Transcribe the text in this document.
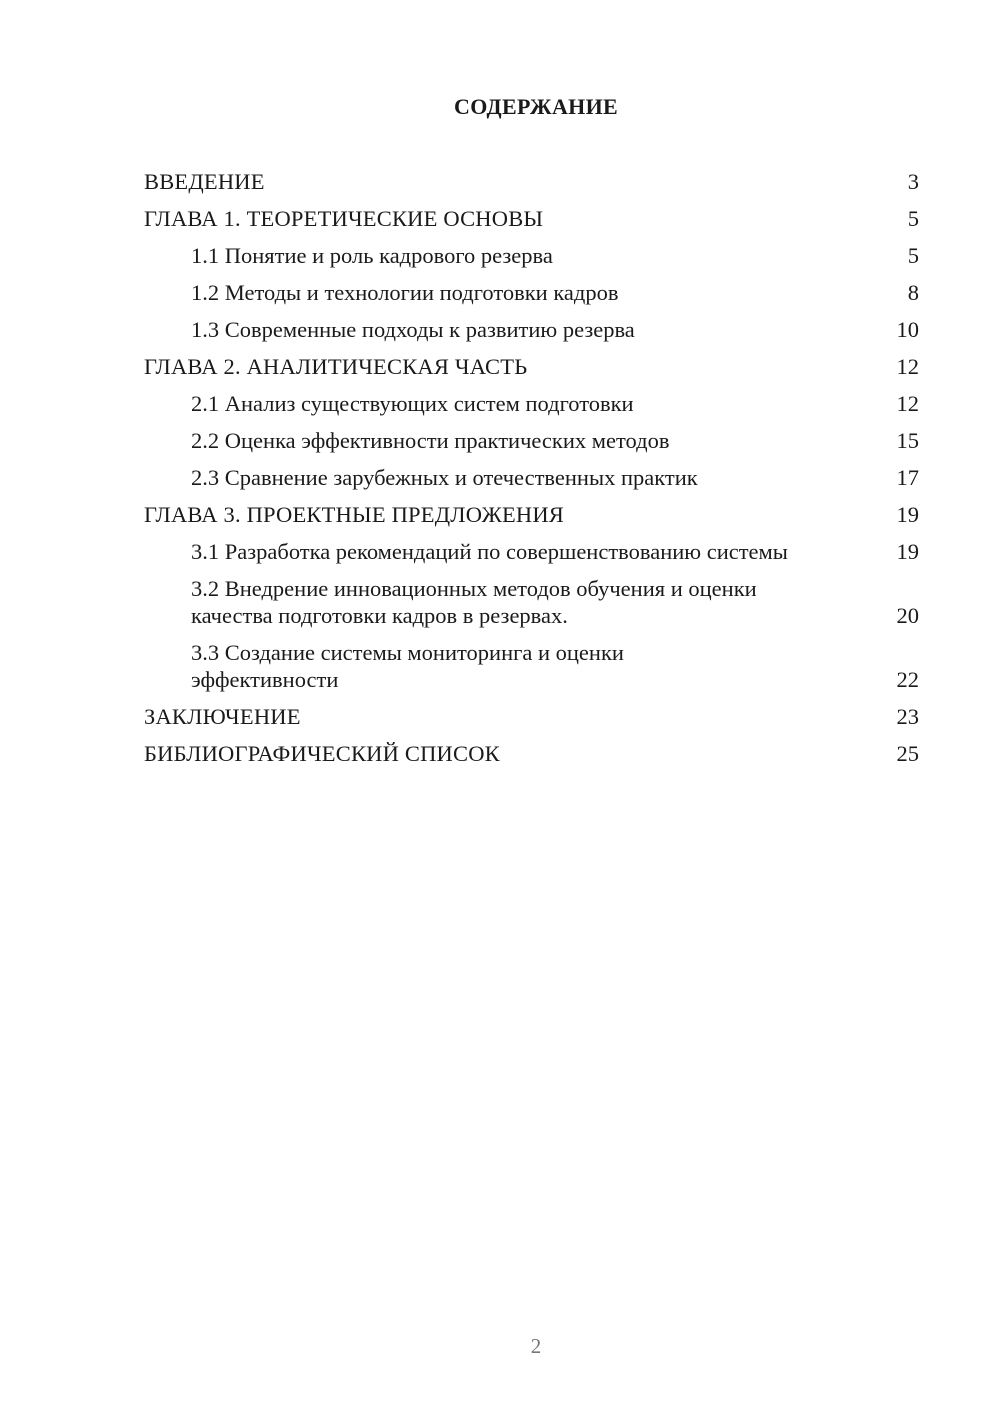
СОДЕРЖАНИЕ
ВВЕДЕНИЕ	3
ГЛАВА 1. ТЕОРЕТИЧЕСКИЕ ОСНОВЫ	5
1.1 Понятие и роль кадрового резерва	5
1.2 Методы и технологии подготовки кадров	8
1.3 Современные подходы к развитию резерва	10
ГЛАВА 2. АНАЛИТИЧЕСКАЯ ЧАСТЬ	12
2.1 Анализ существующих систем подготовки	12
2.2 Оценка эффективности практических методов	15
2.3 Сравнение зарубежных и отечественных практик	17
ГЛАВА 3. ПРОЕКТНЫЕ ПРЕДЛОЖЕНИЯ	19
3.1 Разработка рекомендаций по совершенствованию системы	19
3.2 Внедрение инновационных методов обучения и оценки качества подготовки кадров в резервах.	20
3.3 Создание системы мониторинга и оценки эффективности	22
ЗАКЛЮЧЕНИЕ	23
БИБЛИОГРАФИЧЕСКИЙ СПИСОК	25
2
